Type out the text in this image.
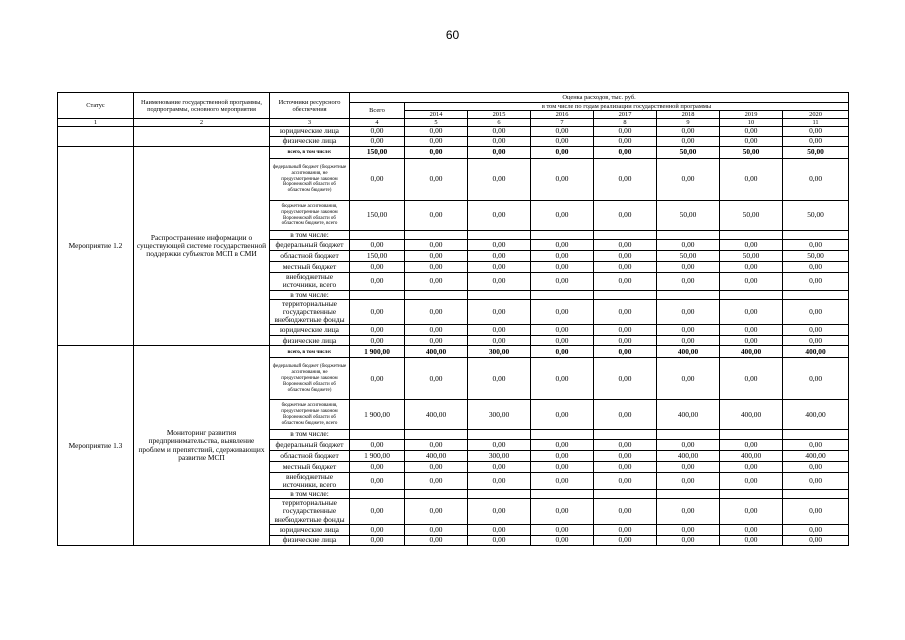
60
Статус	Наименование государственной программы, подпрограммы, основного мероприятия	Источники ресурсного обеспечения	Оценка расходов, тыс. руб.							
			Всего	в том числе по годам реализации государственной программы						
				2014	2015	2016	2017	2018	2019	2020
1	2	3	4	5	6	7	8	9	10	11
		юридические лица	0,00	0,00	0,00	0,00	0,00	0,00	0,00	0,00
		физические лица	0,00	0,00	0,00	0,00	0,00	0,00	0,00	0,00
Мероприятие 1.2	Распространение информации о существующей системе государственной поддержки субъектов МСП в СМИ	всего, в том числе:	150,00	0,00	0,00	0,00	0,00	50,00	50,00	50,00
		федеральный бюджет (бюджетные ассигнования, не предусмотренные законом Воронежской области об областном бюджете)	0,00	0,00	0,00	0,00	0,00	0,00	0,00	0,00
		бюджетные ассигнования, предусмотренные законом Воронежской области об областном бюджете, всего	150,00	0,00	0,00	0,00	0,00	50,00	50,00	50,00
		в том числе:								
		федеральный бюджет	0,00	0,00	0,00	0,00	0,00	0,00	0,00	0,00
		областной бюджет	150,00	0,00	0,00	0,00	0,00	50,00	50,00	50,00
		местный бюджет	0,00	0,00	0,00	0,00	0,00	0,00	0,00	0,00
		внебюджетные источники, всего	0,00	0,00	0,00	0,00	0,00	0,00	0,00	0,00
		в том числе:								
		территориальные государственные внебюджетные фонды	0,00	0,00	0,00	0,00	0,00	0,00	0,00	0,00
		юридические лица	0,00	0,00	0,00	0,00	0,00	0,00	0,00	0,00
		физические лица	0,00	0,00	0,00	0,00	0,00	0,00	0,00	0,00
Мероприятие 1.3	Мониторинг развития предпринимательства, выявление проблем и препятствий, сдерживающих развитие МСП	всего, в том числе:	1 900,00	400,00	300,00	0,00	0,00	400,00	400,00	400,00
		федеральный бюджет (бюджетные ассигнования, не предусмотренные законом Воронежской области об областном бюджете)	0,00	0,00	0,00	0,00	0,00	0,00	0,00	0,00
		бюджетные ассигнования, предусмотренные законом Воронежской области об областном бюджете, всего	1 900,00	400,00	300,00	0,00	0,00	400,00	400,00	400,00
		в том числе:								
		федеральный бюджет	0,00	0,00	0,00	0,00	0,00	0,00	0,00	0,00
		областной бюджет	1 900,00	400,00	300,00	0,00	0,00	400,00	400,00	400,00
		местный бюджет	0,00	0,00	0,00	0,00	0,00	0,00	0,00	0,00
		внебюджетные источники, всего	0,00	0,00	0,00	0,00	0,00	0,00	0,00	0,00
		в том числе:								
		территориальные государственные внебюджетные фонды	0,00	0,00	0,00	0,00	0,00	0,00	0,00	0,00
		юридические лица	0,00	0,00	0,00	0,00	0,00	0,00	0,00	0,00
		физические лица	0,00	0,00	0,00	0,00	0,00	0,00	0,00	0,00
